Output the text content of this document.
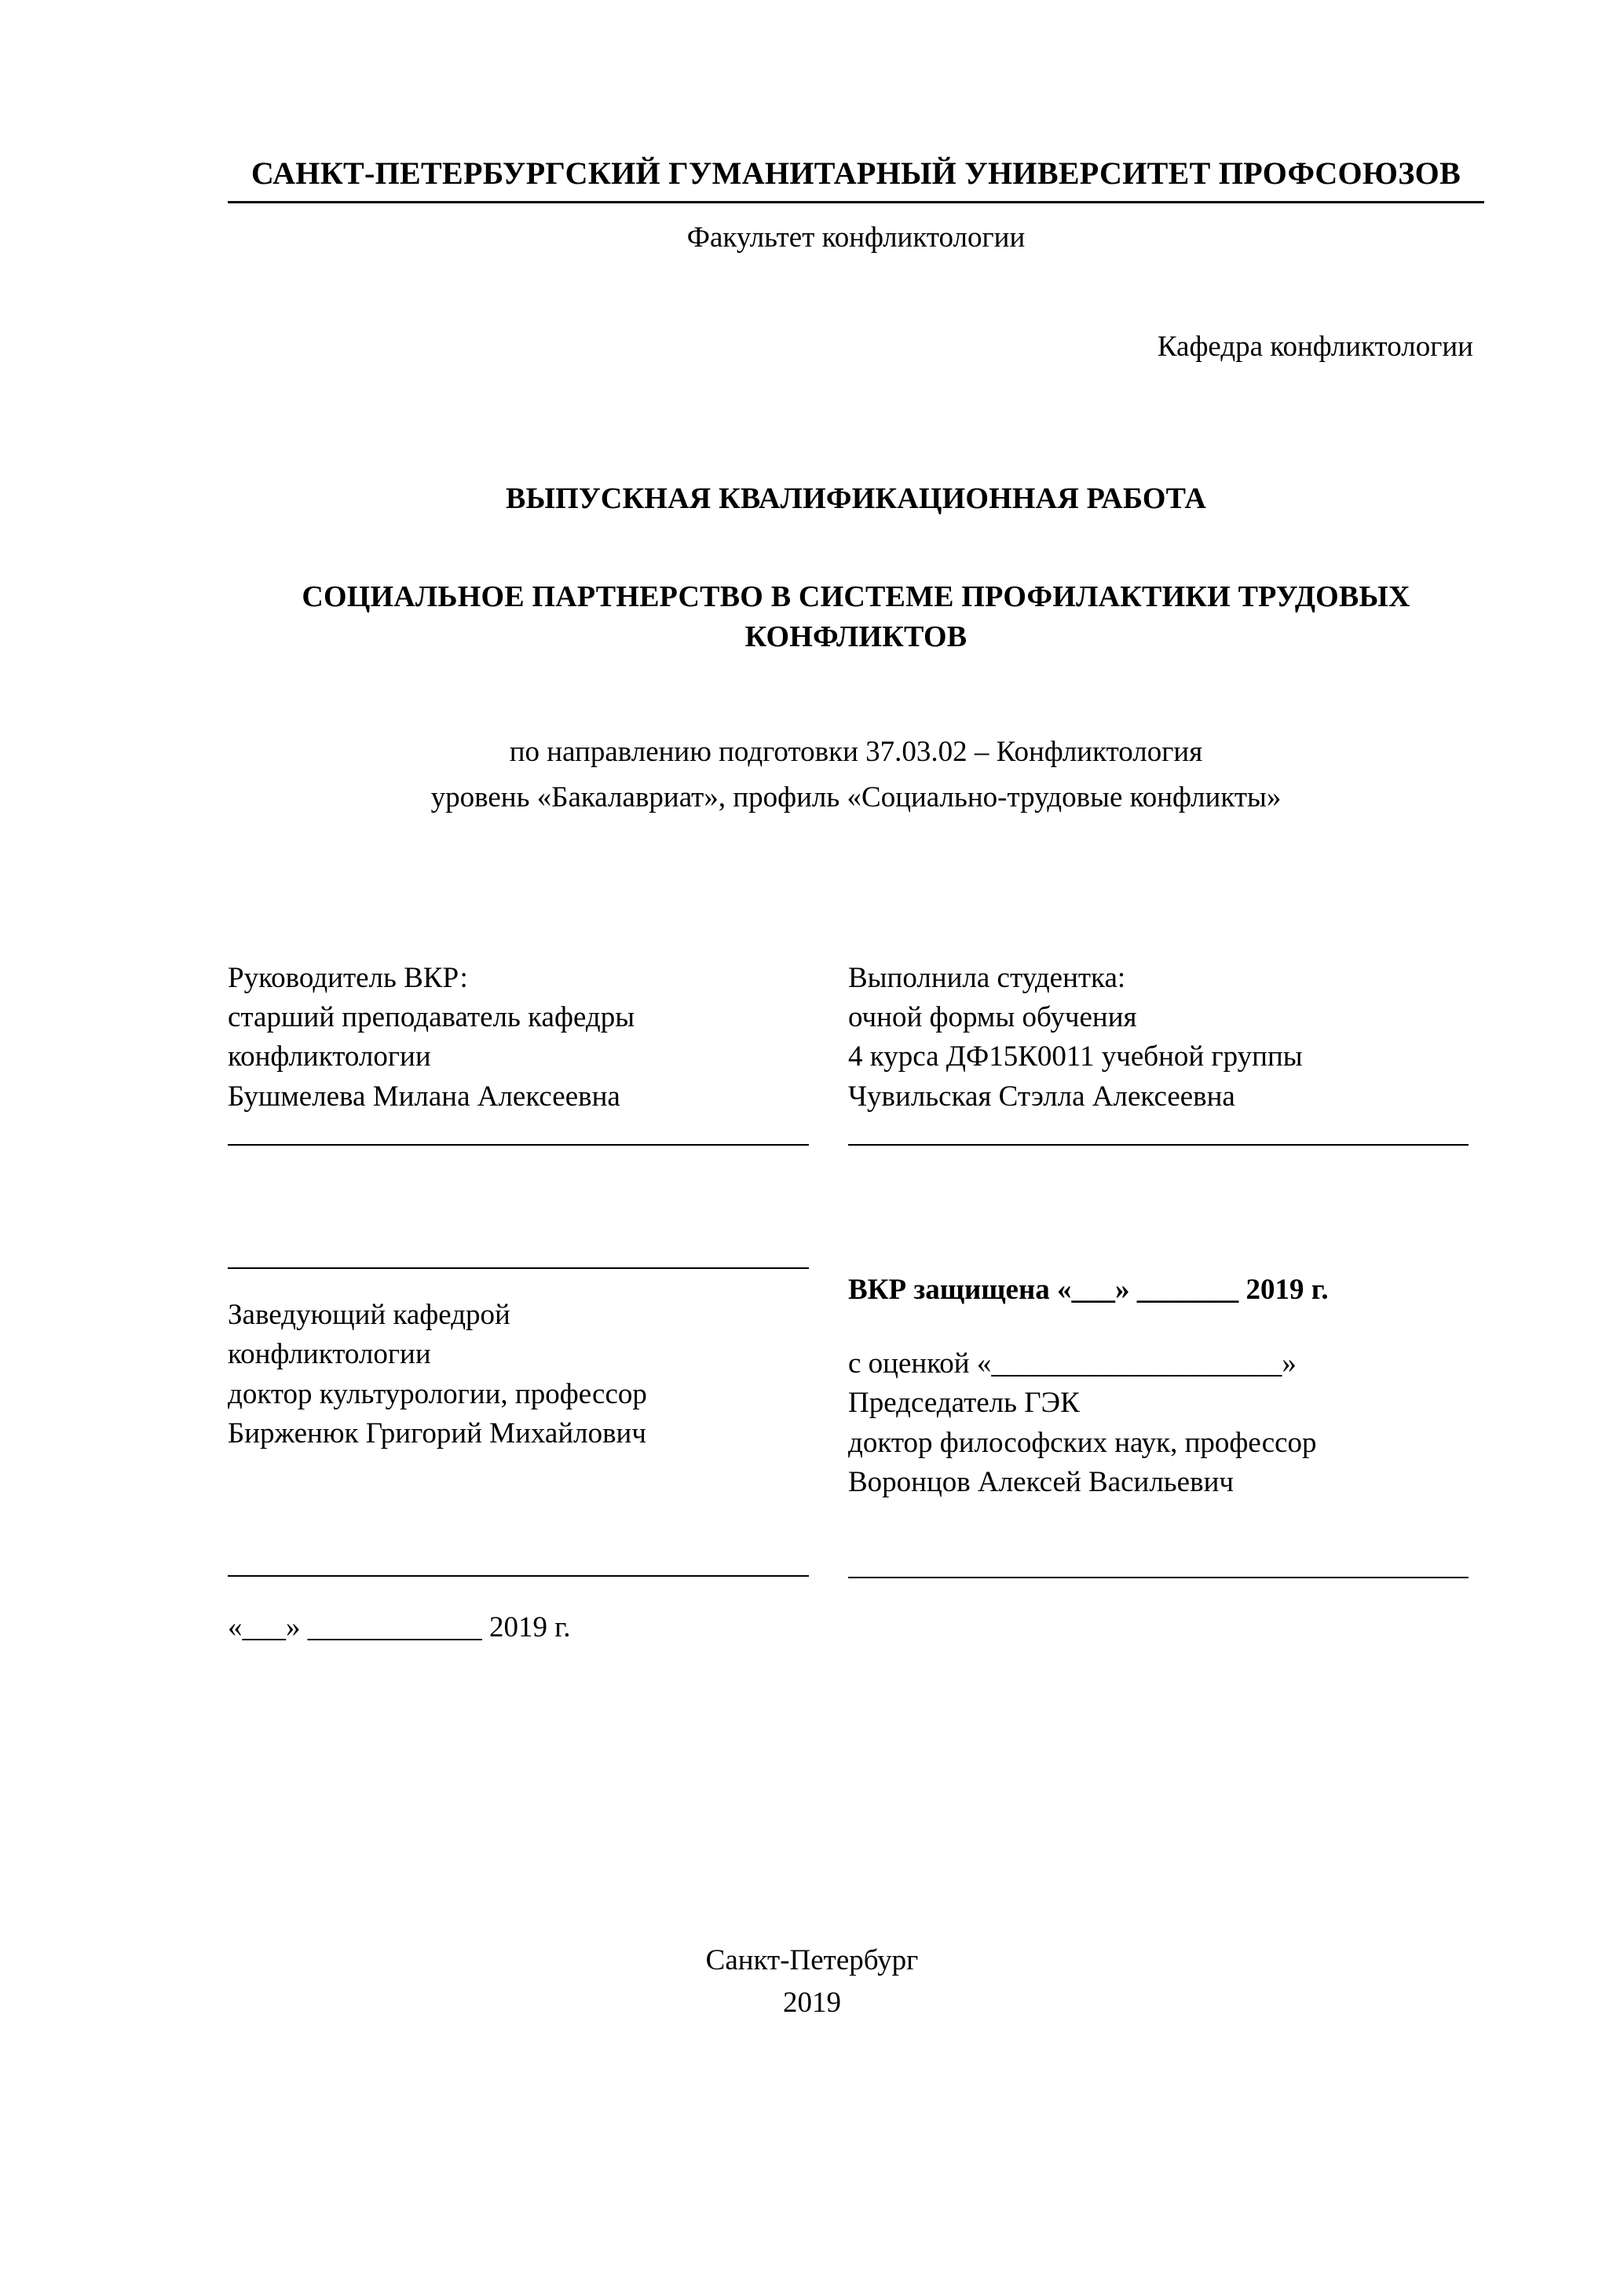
САНКТ-ПЕТЕРБУРГСКИЙ ГУМАНИТАРНЫЙ УНИВЕРСИТЕТ ПРОФСОЮЗОВ
Факультет конфликтологии
Кафедра конфликтологии
ВЫПУСКНАЯ КВАЛИФИКАЦИОННАЯ РАБОТА
СОЦИАЛЬНОЕ ПАРТНЕРСТВО В СИСТЕМЕ ПРОФИЛАКТИКИ ТРУДОВЫХ КОНФЛИКТОВ
по направлению подготовки 37.03.02 – Конфликтология
уровень «Бакалавриат», профиль «Социально-трудовые конфликты»
Руководитель ВКР:
старший преподаватель кафедры
конфликтологии
Бушмелева Милана Алексеевна
Заведующий кафедрой
конфликтологии
доктор культурологии, профессор
Бирженюк Григорий Михайлович
«___» ____________ 2019 г.
Выполнила студентка:
очной формы обучения
4 курса ДФ15К0011 учебной группы
Чувильская Стэлла Алексеевна
ВКР защищена «___» _______ 2019 г.
с оценкой «____________________»
Председатель ГЭК
доктор философских наук, профессор
Воронцов Алексей Васильевич
Санкт-Петербург
2019
